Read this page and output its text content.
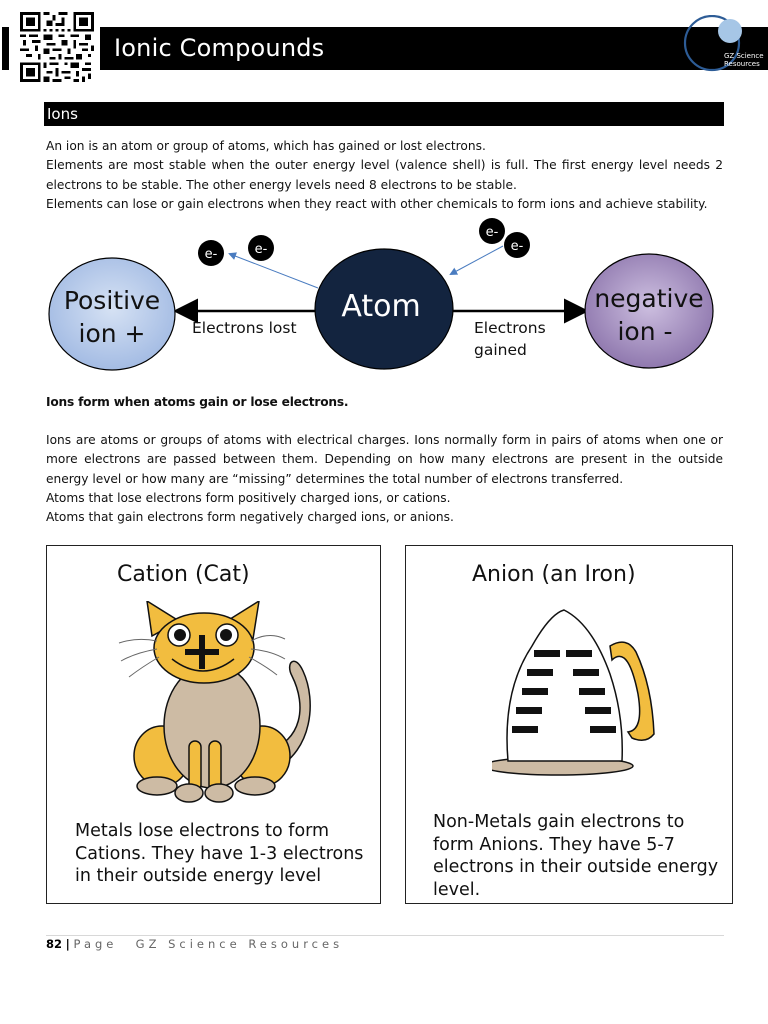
Ionic Compounds	GZ Science Resources
Ions

An ion is an atom or group of atoms, which has gained or lost electrons.

Elements are most stable when the outer energy level (valence shell) is full. The first energy level needs 2 electrons to be stable. The other energy levels need 8 electrons to be stable.

Elements can lose or gain electrons when they react with other chemicals to form ions and achieve stability.

e-	e-
e-
e-
Positive
ion +
Atom	negative
ion -
Electrons lost	Electrons
gained
Ions form when atoms gain or lose electrons.

Ions are atoms or groups of atoms with electrical charges. Ions normally form in pairs of atoms when one or more electrons are passed between them. Depending on how many electrons are present in the outside energy level or how many are “missing” determines the total number of electrons transferred.

Atoms that lose electrons form positively charged ions, or cations.

Atoms that gain electrons form negatively charged ions, or anions.

Cation (Cat)
Metals lose electrons to form Cations. They have 1-3 electrons in their outside energy level
Anion (an Iron)
Non-Metals gain electrons to form Anions. They have 5-7 electrons in their outside energy level.
82 | Page GZ Science Resources
